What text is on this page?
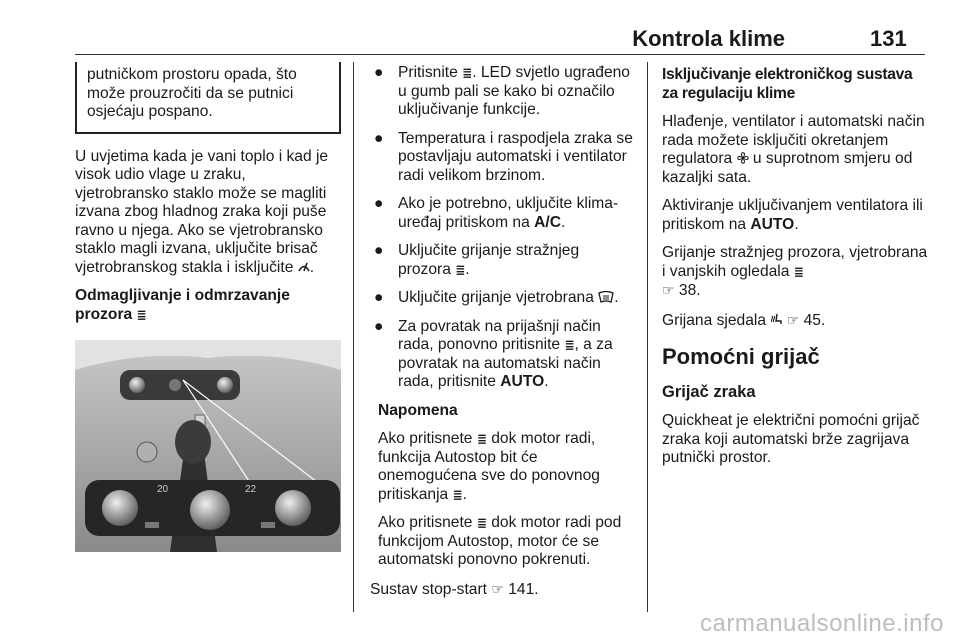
Kontrola klime	131
putničkom prostoru opada, što može prouzročiti da se putnici osjećaju pospano.

U uvjetima kada je vani toplo i kad je visok udio vlage u zraku, vjetrobransko staklo može se magliti izvana zbog hladnog zraka koji puše ravno u njega. Ako se vjetrobransko staklo magli izvana, uključite brisač vjetrobranskog stakla i isključite .

Odmagljivanje i odmrzavanje prozora ≣

20	22
● Pritisnite ≣. LED svjetlo ugrađeno u gumb pali se kako bi označilo uključivanje funkcije.
● Temperatura i raspodjela zraka se postavljaju automatski i ventilator radi velikom brzinom.
● Ako je potrebno, uključite klima-uređaj pritiskom na A/C.
● Uključite grijanje stražnjeg prozora ≣.
● Uključite grijanje vjetrobrana .
● Za povratak na prijašnji način rada, ponovno pritisnite ≣, a za povratak na automatski način rada, pritisnite AUTO.

Napomena

Ako pritisnete ≣ dok motor radi, funkcija Autostop bit će onemogućena sve do ponovnog pritiskanja ≣.

Ako pritisnete ≣ dok motor radi pod funkcijom Autostop, motor će se automatski ponovno pokrenuti.

Sustav stop-start ☞ 141.

Isključivanje elektroničkog sustava za regulaciju klime

Hlađenje, ventilator i automatski način rada možete isključiti okretanjem regulatora u suprotnom smjeru od kazaljki sata.

Aktiviranje uključivanjem ventilatora ili pritiskom na AUTO.

Grijanje stražnjeg prozora, vjetrobrana i vanjskih ogledala ≣
☞ 38.

Grijana sjedala ☞ 45.

Pomoćni grijač
Grijač zraka

Quickheat je električni pomoćni grijač zraka koji automatski brže zagrijava putnički prostor.

carmanualsonline.info
